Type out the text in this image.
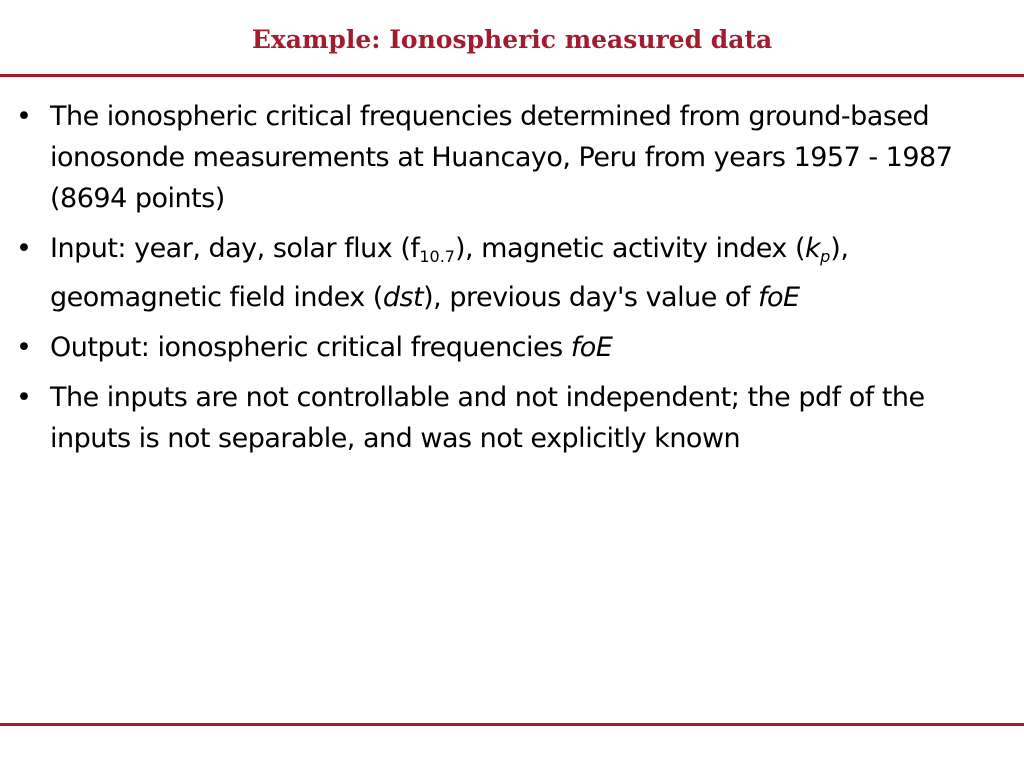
Example: Ionospheric measured data
• The ionospheric critical frequencies determined from ground-based ionosonde measurements at Huancayo, Peru from years 1957 - 1987 (8694 points)
• Input: year, day, solar flux $(f_{10.7})$, magnetic activity index $(k_p)$, geomagnetic field index (dst), previous day's value of foE
• Output: ionospheric critical frequencies foE
• The inputs are not controllable and not independent; the pdf of the inputs is not separable, and was not explicitly known
